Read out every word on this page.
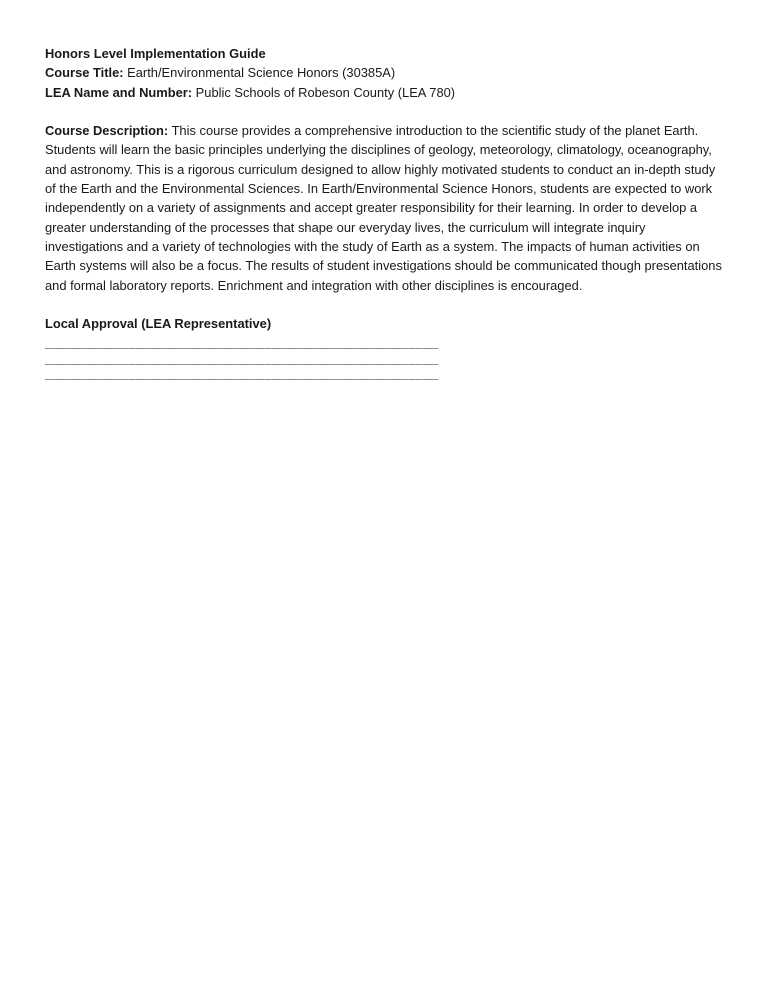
Honors Level Implementation Guide
Course Title: Earth/Environmental Science Honors (30385A)
LEA Name and Number: Public Schools of Robeson County (LEA 780)
Course Description: This course provides a comprehensive introduction to the scientific study of the planet Earth. Students will learn the basic principles underlying the disciplines of geology, meteorology, climatology, oceanography, and astronomy. This is a rigorous curriculum designed to allow highly motivated students to conduct an in-depth study of the Earth and the Environmental Sciences. In Earth/Environmental Science Honors, students are expected to work independently on a variety of assignments and accept greater responsibility for their learning. In order to develop a greater understanding of the processes that shape our everyday lives, the curriculum will integrate inquiry investigations and a variety of technologies with the study of Earth as a system. The impacts of human activities on Earth systems will also be a focus. The results of student investigations should be communicated though presentations and formal laboratory reports. Enrichment and integration with other disciplines is encouraged.
Local Approval (LEA Representative)
____________________________________________________
____________________________________________________
____________________________________________________
